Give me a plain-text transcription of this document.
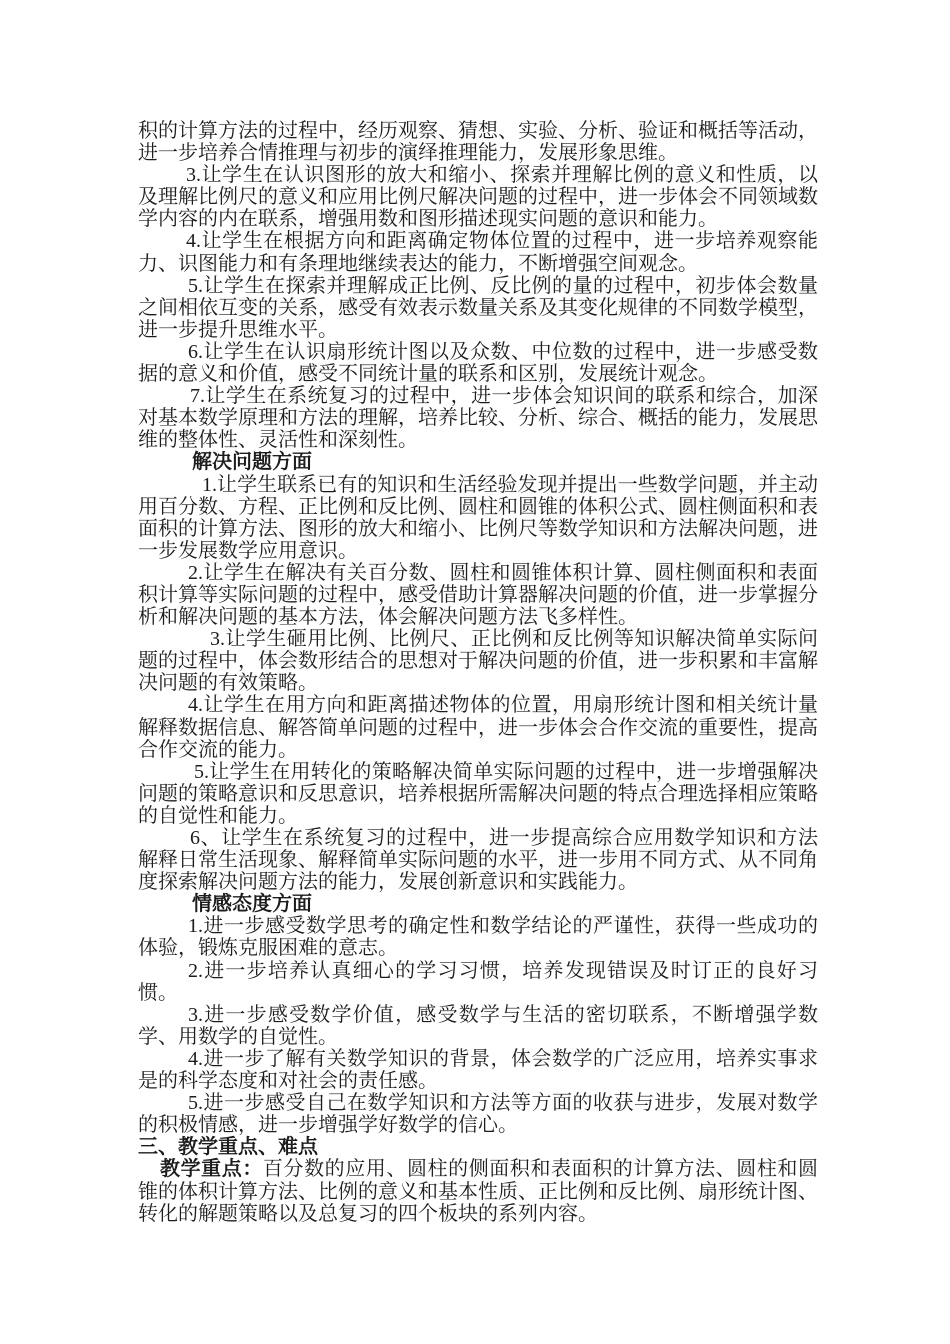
积的计算方法的过程中，经历观察、猜想、实验、分析、验证和概括等活动，进一步培养合情推理与初步的演绎推理能力，发展形象思维。

3.让学生在认识图形的放大和缩小、探索并理解比例的意义和性质，以及理解比例尺的意义和应用比例尺解决问题的过程中，进一步体会不同领域数学内容的内在联系，增强用数和图形描述现实问题的意识和能力。

4.让学生在根据方向和距离确定物体位置的过程中，进一步培养观察能力、识图能力和有条理地继续表达的能力，不断增强空间观念。

5.让学生在探索并理解成正比例、反比例的量的过程中，初步体会数量之间相依互变的关系，感受有效表示数量关系及其变化规律的不同数学模型，进一步提升思维水平。

6.让学生在认识扇形统计图以及众数、中位数的过程中，进一步感受数据的意义和价值，感受不同统计量的联系和区别，发展统计观念。

7.让学生在系统复习的过程中，进一步体会知识间的联系和综合，加深对基本数学原理和方法的理解，培养比较、分析、综合、概括的能力，发展思维的整体性、灵活性和深刻性。

解决问题方面

1.让学生联系已有的知识和生活经验发现并提出一些数学问题，并主动用百分数、方程、正比例和反比例、圆柱和圆锥的体积公式、圆柱侧面积和表面积的计算方法、图形的放大和缩小、比例尺等数学知识和方法解决问题，进一步发展数学应用意识。

2.让学生在解决有关百分数、圆柱和圆锥体积计算、圆柱侧面积和表面积计算等实际问题的过程中，感受借助计算器解决问题的价值，进一步掌握分析和解决问题的基本方法，体会解决问题方法飞多样性。

3.让学生砸用比例、比例尺、正比例和反比例等知识解决简单实际问题的过程中，体会数形结合的思想对于解决问题的价值，进一步积累和丰富解决问题的有效策略。

4.让学生在用方向和距离描述物体的位置，用扇形统计图和相关统计量解释数据信息、解答简单问题的过程中，进一步体会合作交流的重要性，提高合作交流的能力。

5.让学生在用转化的策略解决简单实际问题的过程中，进一步增强解决问题的策略意识和反思意识，培养根据所需解决问题的特点合理选择相应策略的自觉性和能力。

6、让学生在系统复习的过程中，进一步提高综合应用数学知识和方法解释日常生活现象、解释简单实际问题的水平，进一步用不同方式、从不同角度探索解决问题方法的能力，发展创新意识和实践能力。

情感态度方面

1.进一步感受数学思考的确定性和数学结论的严谨性，获得一些成功的体验，锻炼克服困难的意志。

2.进一步培养认真细心的学习习惯，培养发现错误及时订正的良好习惯。

3.进一步感受数学价值，感受数学与生活的密切联系，不断增强学数学、用数学的自觉性。

4.进一步了解有关数学知识的背景，体会数学的广泛应用，培养实事求是的科学态度和对社会的责任感。

5.进一步感受自己在数学知识和方法等方面的收获与进步，发展对数学的积极情感，进一步增强学好数学的信心。

三、教学重点、难点

教学重点：百分数的应用、圆柱的侧面积和表面积的计算方法、圆柱和圆锥的体积计算方法、比例的意义和基本性质、正比例和反比例、扇形统计图、转化的解题策略以及总复习的四个板块的系列内容。
